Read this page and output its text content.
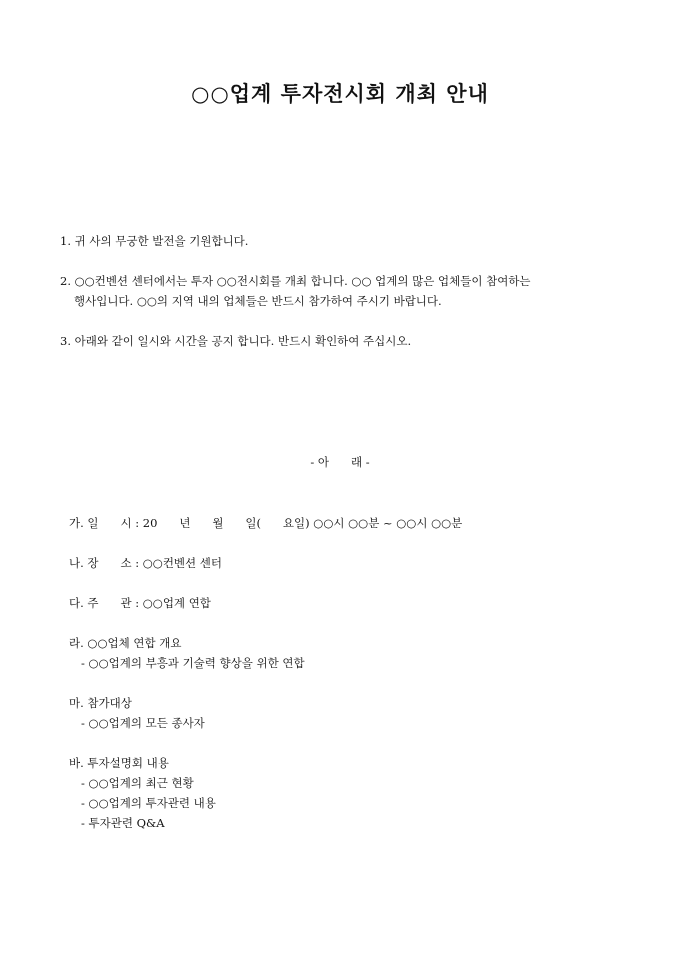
○○업계 투자전시회 개최 안내

1. 귀 사의 무궁한 발전을 기원합니다.

2. ○○컨벤션 센터에서는 투자 ○○전시회를 개최 합니다. ○○ 업계의 많은 업체들이 참여하는

행사입니다. ○○의 지역 내의 업체들은 반드시 참가하여 주시기 바랍니다.

3. 아래와 같이 일시와 시간을 공지 합니다. 반드시 확인하여 주십시오.

- 아      래 -

가. 일      시 : 20      년      월      일(      요일) ○○시 ○○분 ~ ○○시 ○○분

나. 장      소 : ○○컨벤션 센터

다. 주      관 : ○○업계 연합

라. ○○업체 연합 개요

- ○○업계의 부흥과 기술력 향상을 위한 연합

마. 참가대상

- ○○업계의 모든 종사자

바. 투자설명회 내용

- ○○업계의 최근 현황

- ○○업계의 투자관련 내용

- 투자관련 Q&A
